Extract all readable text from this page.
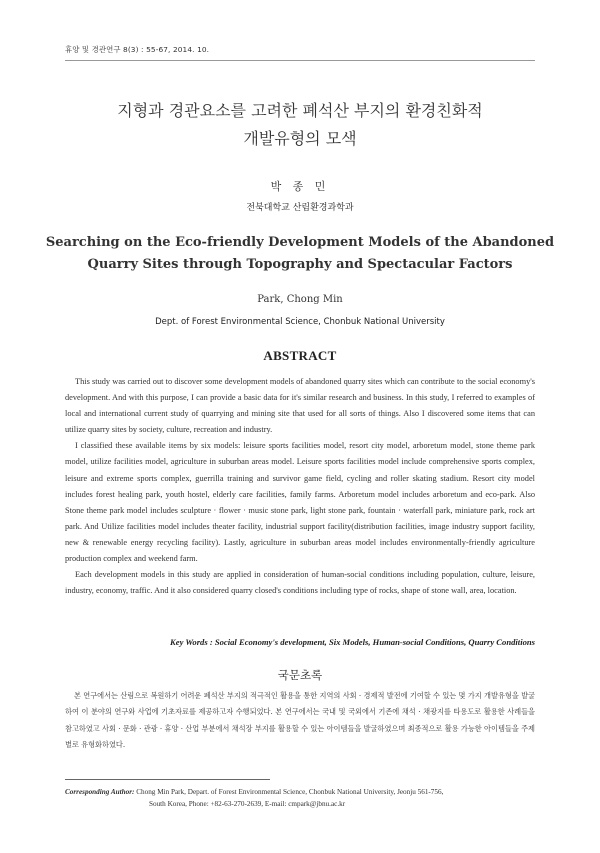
휴양 및 경관연구 8(3) : 55-67, 2014. 10.
지형과 경관요소를 고려한 폐석산 부지의 환경친화적
개발유형의 모색
박 종 민
전북대학교 산림환경과학과
Searching on the Eco-friendly Development Models of the Abandoned
Quarry Sites through Topography and Spectacular Factors
Park, Chong Min
Dept. of Forest Environmental Science, Chonbuk National University
ABSTRACT

This study was carried out to discover some development models of abandoned quarry sites which can contribute to the social economy's development. And with this purpose, I can provide a basic data for it's similar research and business. In this study, I referred to examples of local and international current study of quarrying and mining site that used for all sorts of things. Also I discovered some items that can utilize quarry sites by society, culture, recreation and industry.

I classified these available items by six models: leisure sports facilities model, resort city model, arboretum model, stone theme park model, utilize facilities model, agriculture in suburban areas model. Leisure sports facilities model include comprehensive sports complex, leisure and extreme sports complex, guerrilla training and survivor game field, cycling and roller skating stadium. Resort city model includes forest healing park, youth hostel, elderly care facilities, family farms. Arboretum model includes arboretum and eco-park. Also Stone theme park model includes sculpture · flower · music stone park, light stone park, fountain · waterfall park, miniature park, rock art park. And Utilize facilities model includes theater facility, industrial support facility(distribution facilities, image industry support facility, new & renewable energy recycling facility). Lastly, agriculture in suburban areas model includes environmentally-friendly agriculture production complex and weekend farm.

Each development models in this study are applied in consideration of human-social conditions including population, culture, leisure, industry, economy, traffic. And it also considered quarry closed's conditions including type of rocks, shape of stone wall, area, location.

Key Words : Social Economy's development, Six Models, Human-social Conditions, Quarry Conditions
국문초록

본 연구에서는 산림으로 복원하기 어려운 폐석산 부지의 적극적인 활용을 통한 지역의 사회 · 경제적 발전에 기여할 수 있는 몇 가지 개발유형을 발굴하여 이 분야의 연구와 사업에 기초자료를 제공하고자 수행되었다. 본 연구에서는 국내 및 국외에서 기존에 채석 · 채광지를 타용도로 활용한 사례들을 참고하였고 사회 · 문화 · 관광 · 휴양 · 산업 부분에서 채석장 부지를 활용할 수 있는 아이템들을 발굴하였으며 최종적으로 활용 가능한 아이템들을 주제별로 유형화하였다.

Corresponding Author: Chong Min Park, Depart. of Forest Environmental Science, Chonbuk National University, Jeonju 561-756,
South Korea, Phone: +82-63-270-2639, E-mail: cmpark@jbnu.ac.kr
